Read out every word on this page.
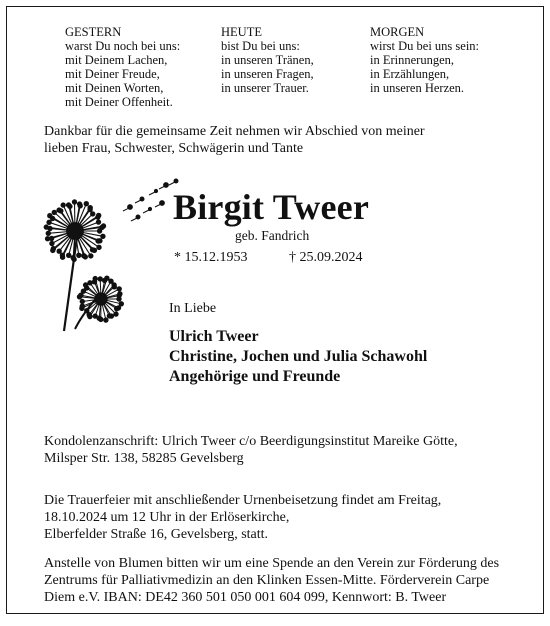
GESTERN
warst Du noch bei uns:
mit Deinem Lachen,
mit Deiner Freude,
mit Deinen Worten,
mit Deiner Offenheit.
HEUTE
bist Du bei uns:
in unseren Tränen,
in unseren Fragen,
in unserer Trauer.
MORGEN
wirst Du bei uns sein:
in Erinnerungen,
in Erzählungen,
in unseren Herzen.
Dankbar für die gemeinsame Zeit nehmen wir Abschied von meiner
lieben Frau, Schwester, Schwägerin und Tante
Birgit Tweer
geb. Fandrich
* 15.12.1953	† 25.09.2024
In Liebe
Ulrich Tweer
Christine, Jochen und Julia Schawohl
Angehörige und Freunde
Kondolenzanschrift: Ulrich Tweer c/o Beerdigungsinstitut Mareike Götte,
Milsper Str. 138, 58285 Gevelsberg
Die Trauerfeier mit anschließender Urnenbeisetzung findet am Freitag,
18.10.2024 um 12 Uhr in der Erlöserkirche,
Elberfelder Straße 16, Gevelsberg, statt.
Anstelle von Blumen bitten wir um eine Spende an den Verein zur Förderung des
Zentrums für Palliativmedizin an den Klinken Essen-Mitte. Förderverein Carpe
Diem e.V. IBAN: DE42 360 501 050 001 604 099, Kennwort: B. Tweer
